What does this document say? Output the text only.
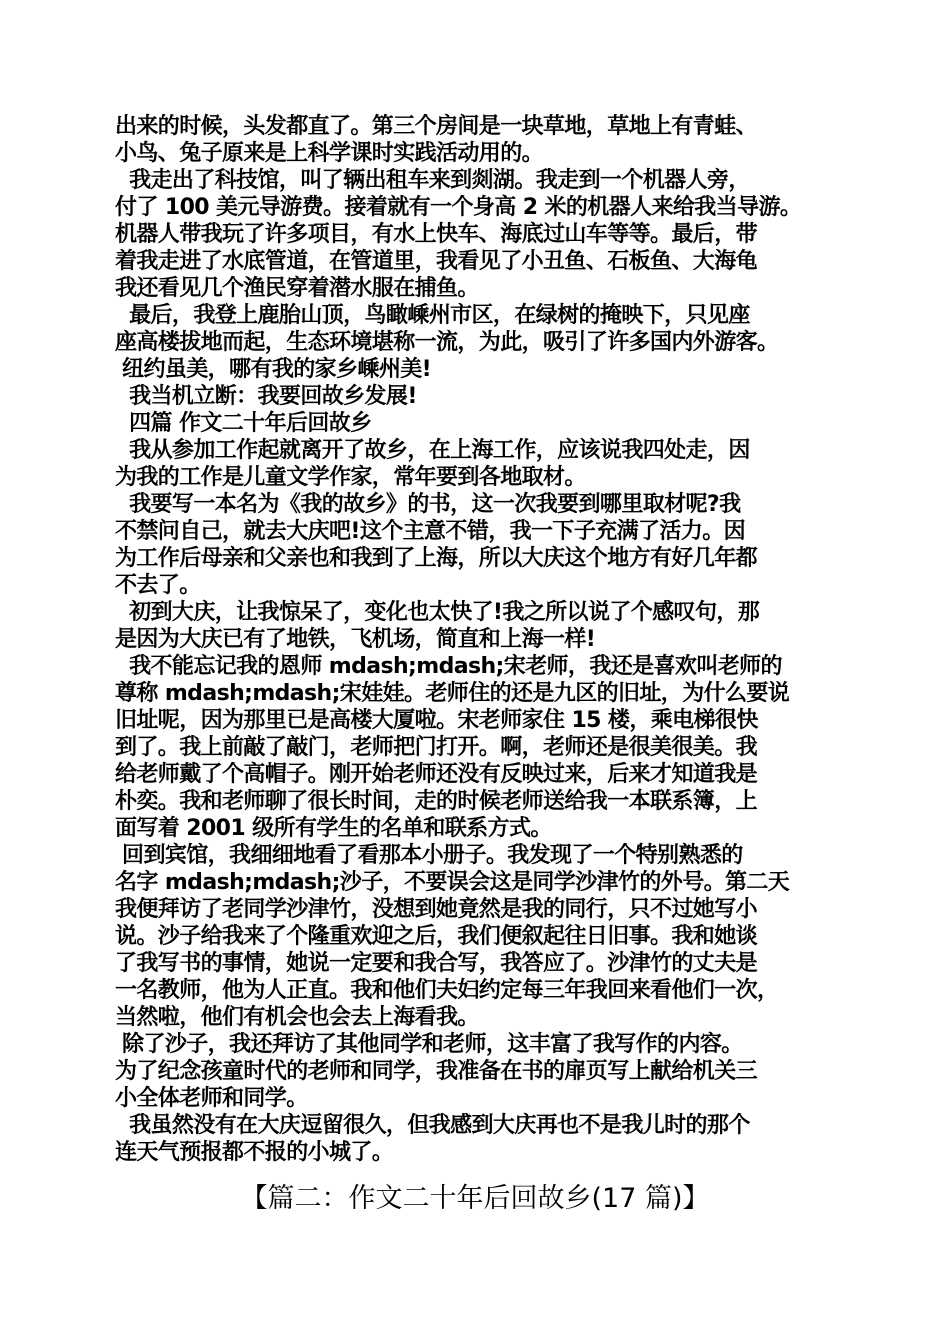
出来的时候，头发都直了。第三个房间是一块草地，草地上有青蛙、
小鸟、兔子原来是上科学课时实践活动用的。
我走出了科技馆，叫了辆出租车来到剡湖。我走到一个机器人旁，
付了 100 美元导游费。接着就有一个身高 2 米的机器人来给我当导游。
机器人带我玩了许多项目，有水上快车、海底过山车等等。最后，带
着我走进了水底管道，在管道里，我看见了小丑鱼、石板鱼、大海龟
我还看见几个渔民穿着潜水服在捕鱼。
最后，我登上鹿胎山顶，鸟瞰嵊州市区，在绿树的掩映下，只见座
座高楼拔地而起，生态环境堪称一流，为此，吸引了许多国内外游客。
纽约虽美，哪有我的家乡嵊州美!
我当机立断：我要回故乡发展!
四篇 作文二十年后回故乡
我从参加工作起就离开了故乡，在上海工作，应该说我四处走，因
为我的工作是儿童文学作家，常年要到各地取材。
我要写一本名为《我的故乡》的书，这一次我要到哪里取材呢?我
不禁问自己，就去大庆吧!这个主意不错，我一下子充满了活力。因
为工作后母亲和父亲也和我到了上海，所以大庆这个地方有好几年都
不去了。
初到大庆，让我惊呆了，变化也太快了!我之所以说了个感叹句，那
是因为大庆已有了地铁，飞机场，简直和上海一样!
我不能忘记我的恩师 mdash;mdash;宋老师，我还是喜欢叫老师的
尊称 mdash;mdash;宋娃娃。老师住的还是九区的旧址，为什么要说
旧址呢，因为那里已是高楼大厦啦。宋老师家住 15 楼，乘电梯很快
到了。我上前敲了敲门，老师把门打开。啊，老师还是很美很美。我
给老师戴了个高帽子。刚开始老师还没有反映过来，后来才知道我是
朴奕。我和老师聊了很长时间，走的时候老师送给我一本联系簿，上
面写着 2001 级所有学生的名单和联系方式。
回到宾馆，我细细地看了看那本小册子。我发现了一个特别熟悉的
名字 mdash;mdash;沙子，不要误会这是同学沙津竹的外号。第二天
我便拜访了老同学沙津竹，没想到她竟然是我的同行，只不过她写小
说。沙子给我来了个隆重欢迎之后，我们便叙起往日旧事。我和她谈
了我写书的事情，她说一定要和我合写，我答应了。沙津竹的丈夫是
一名教师，他为人正直。我和他们夫妇约定每三年我回来看他们一次，
当然啦，他们有机会也会去上海看我。
除了沙子，我还拜访了其他同学和老师，这丰富了我写作的内容。
为了纪念孩童时代的老师和同学，我准备在书的扉页写上献给机关三
小全体老师和同学。
我虽然没有在大庆逗留很久，但我感到大庆再也不是我儿时的那个
连天气预报都不报的小城了。
【篇二：作文二十年后回故乡(17 篇)】
